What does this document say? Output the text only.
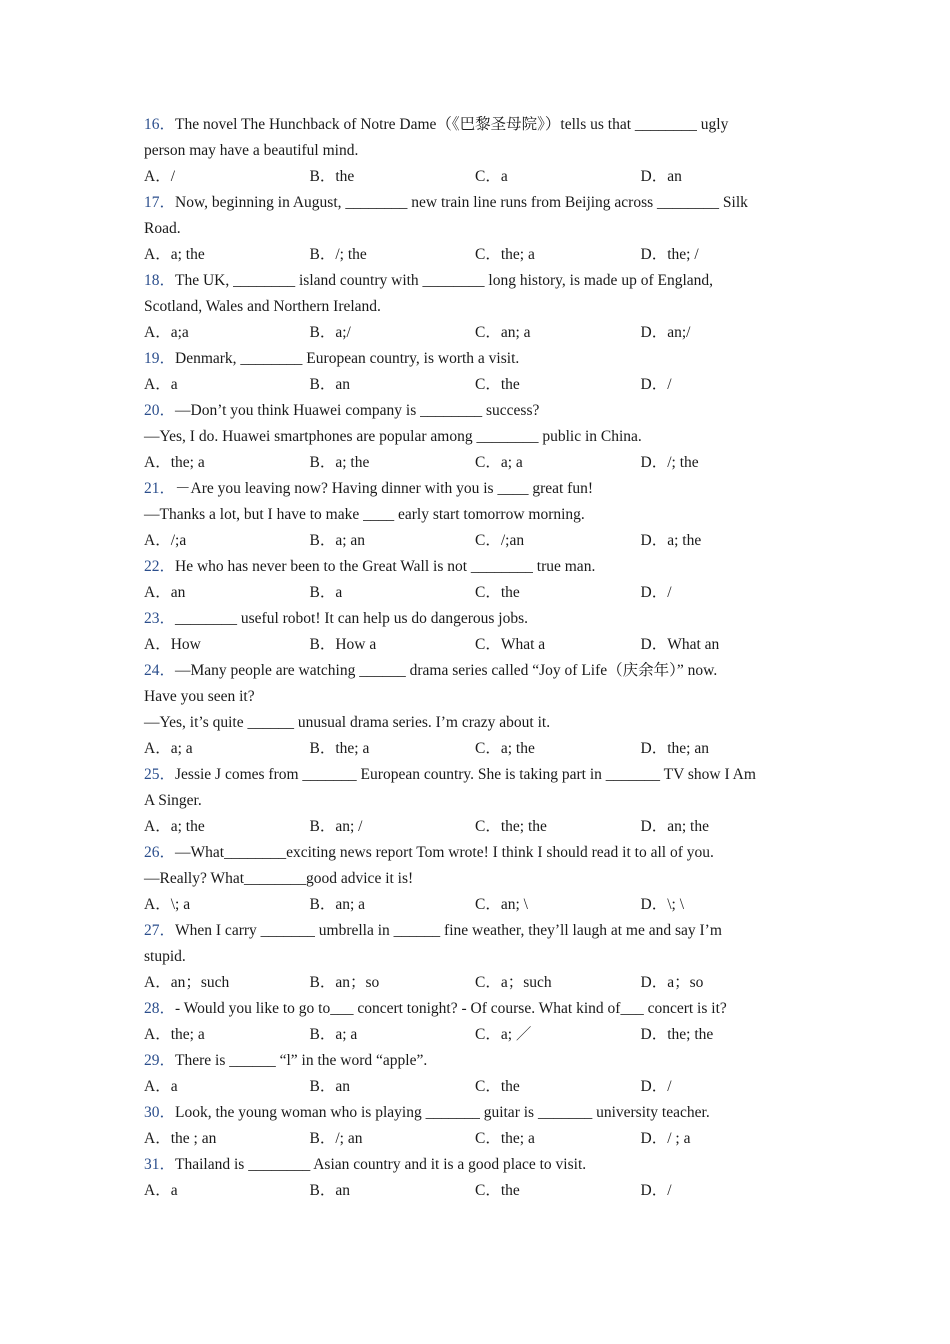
16．The novel The Hunchback of Notre Dame（《巴黎圣母院》）tells us that ________ ugly
person may have a beautiful mind.
A．/	B．the	C．a	D．an
17．Now, beginning in August, ________ new train line runs from Beijing across ________ Silk
Road.
A．a; the	B．/; the	C．the; a	D．the; /
18．The UK, ________ island country with ________ long history, is made up of England,
Scotland, Wales and Northern Ireland.
A．a;a	B．a;/	C．an; a	D．an;/
19．Denmark, ________ European country, is worth a visit.
A．a	B．an	C．the	D．/
20．—Don’t you think Huawei company is ________ success?
—Yes, I do. Huawei smartphones are popular among ________ public in China.
A．the; a	B．a; the	C．a; a	D．/; the
21．－Are you leaving now? Having dinner with you is ____ great fun!
—Thanks a lot, but I have to make ____ early start tomorrow morning.
A．/;a	B．a; an	C．/;an	D．a; the
22．He who has never been to the Great Wall is not ________ true man.
A．an	B．a	C．the	D．/
23．________ useful robot! It can help us do dangerous jobs.
A．How	B．How a	C．What a	D．What an
24．—Many people are watching ______ drama series called “Joy of Life（庆余年）” now.
Have you seen it?
—Yes, it’s quite ______ unusual drama series. I’m crazy about it.
A．a; a	B．the; a	C．a; the	D．the; an
25．Jessie J comes from _______ European country. She is taking part in _______ TV show I Am
A Singer.
A．a; the	B．an; /	C．the; the	D．an; the
26．—What________exciting news report Tom wrote! I think I should read it to all of you.
—Really? What________good advice it is!
A．\; a	B．an; a	C．an; \	D．\; \
27．When I carry _______ umbrella in ______ fine weather, they’ll laugh at me and say I’m
stupid.
A．an；such	B．an；so	C．a；such	D．a；so
28．- Would you like to go to___ concert tonight? - Of course. What kind of___ concert is it?
A．the; a	B．a; a	C．a; ／	D．the; the
29．There is ______ “l” in the word “apple”.
A．a	B．an	C．the	D．/
30．Look, the young woman who is playing _______ guitar is _______ university teacher.
A．the ; an	B．/; an	C．the; a	D．/ ; a
31．Thailand is ________ Asian country and it is a good place to visit.
A．a	B．an	C．the	D．/
